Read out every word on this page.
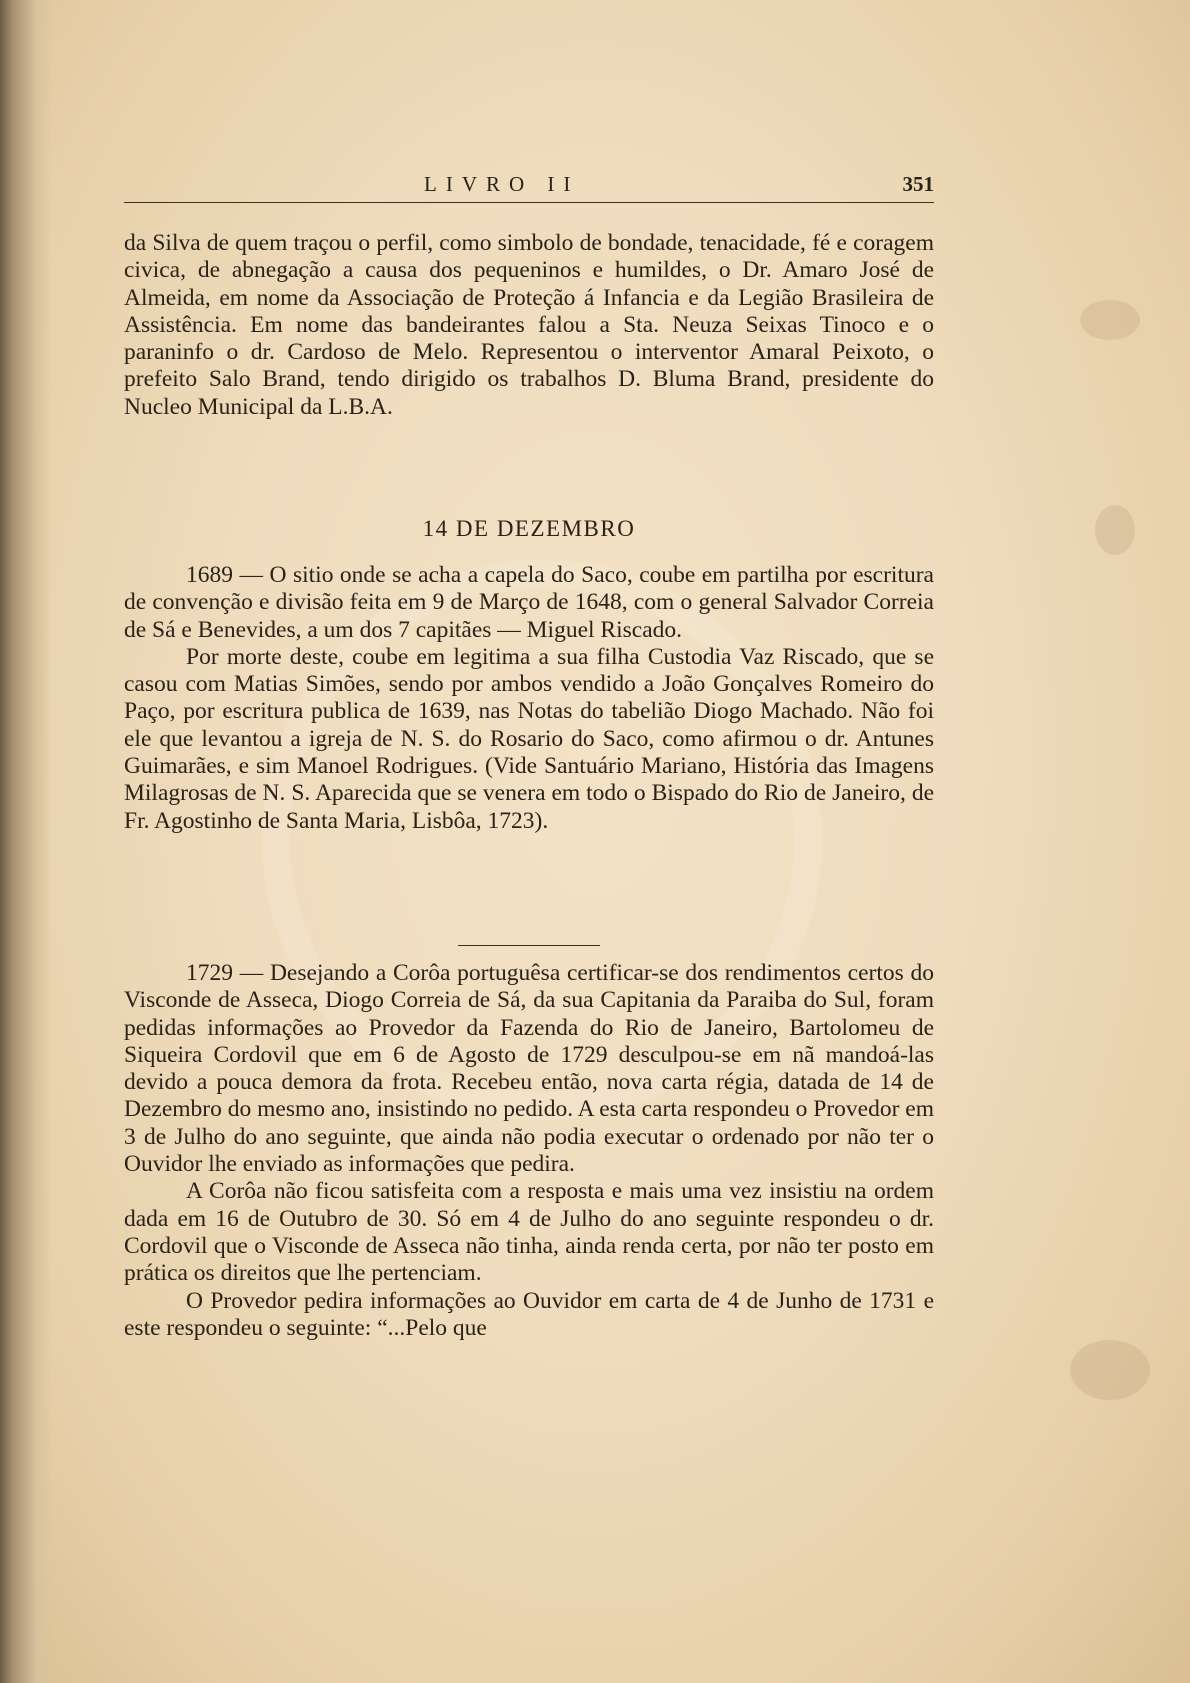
LIVRO II	351

da Silva de quem traçou o perfil, como simbolo de bondade, tenacidade, fé e coragem civica, de abnegação a causa dos pequeninos e humildes, o Dr. Amaro José de Almeida, em nome da Associação de Proteção á Infancia e da Legião Brasileira de Assistência. Em nome das bandeirantes falou a Sta. Neuza Seixas Tinoco e o paraninfo o dr. Cardoso de Melo. Representou o interventor Amaral Peixoto, o prefeito Salo Brand, tendo dirigido os trabalhos D. Bluma Brand, presidente do Nucleo Municipal da L.B.A.

14 DE DEZEMBRO

1689 — O sitio onde se acha a capela do Saco, coube em partilha por escritura de convenção e divisão feita em 9 de Março de 1648, com o general Salvador Correia de Sá e Benevides, a um dos 7 capitães — Miguel Riscado.

Por morte deste, coube em legitima a sua filha Custodia Vaz Riscado, que se casou com Matias Simões, sendo por ambos vendido a João Gonçalves Romeiro do Paço, por escritura publica de 1639, nas Notas do tabelião Diogo Machado. Não foi ele que levantou a igreja de N. S. do Rosario do Saco, como afirmou o dr. Antunes Guimarães, e sim Manoel Rodrigues. (Vide Santuário Mariano, História das Imagens Milagrosas de N. S. Aparecida que se venera em todo o Bispado do Rio de Janeiro, de Fr. Agostinho de Santa Maria, Lisbôa, 1723).

1729 — Desejando a Corôa portuguêsa certificar-se dos rendimentos certos do Visconde de Asseca, Diogo Correia de Sá, da sua Capitania da Paraiba do Sul, foram pedidas informações ao Provedor da Fazenda do Rio de Janeiro, Bartolomeu de Siqueira Cordovil que em 6 de Agosto de 1729 desculpou-se em nã mandoá-las devido a pouca demora da frota. Recebeu então, nova carta régia, datada de 14 de Dezembro do mesmo ano, insistindo no pedido. A esta carta respondeu o Provedor em 3 de Julho do ano seguinte, que ainda não podia executar o ordenado por não ter o Ouvidor lhe enviado as informações que pedira.

A Corôa não ficou satisfeita com a resposta e mais uma vez insistiu na ordem dada em 16 de Outubro de 30. Só em 4 de Julho do ano seguinte respondeu o dr. Cordovil que o Visconde de Asseca não tinha, ainda renda certa, por não ter posto em prática os direitos que lhe pertenciam.

O Provedor pedira informações ao Ouvidor em carta de 4 de Junho de 1731 e este respondeu o seguinte: “...Pelo que
